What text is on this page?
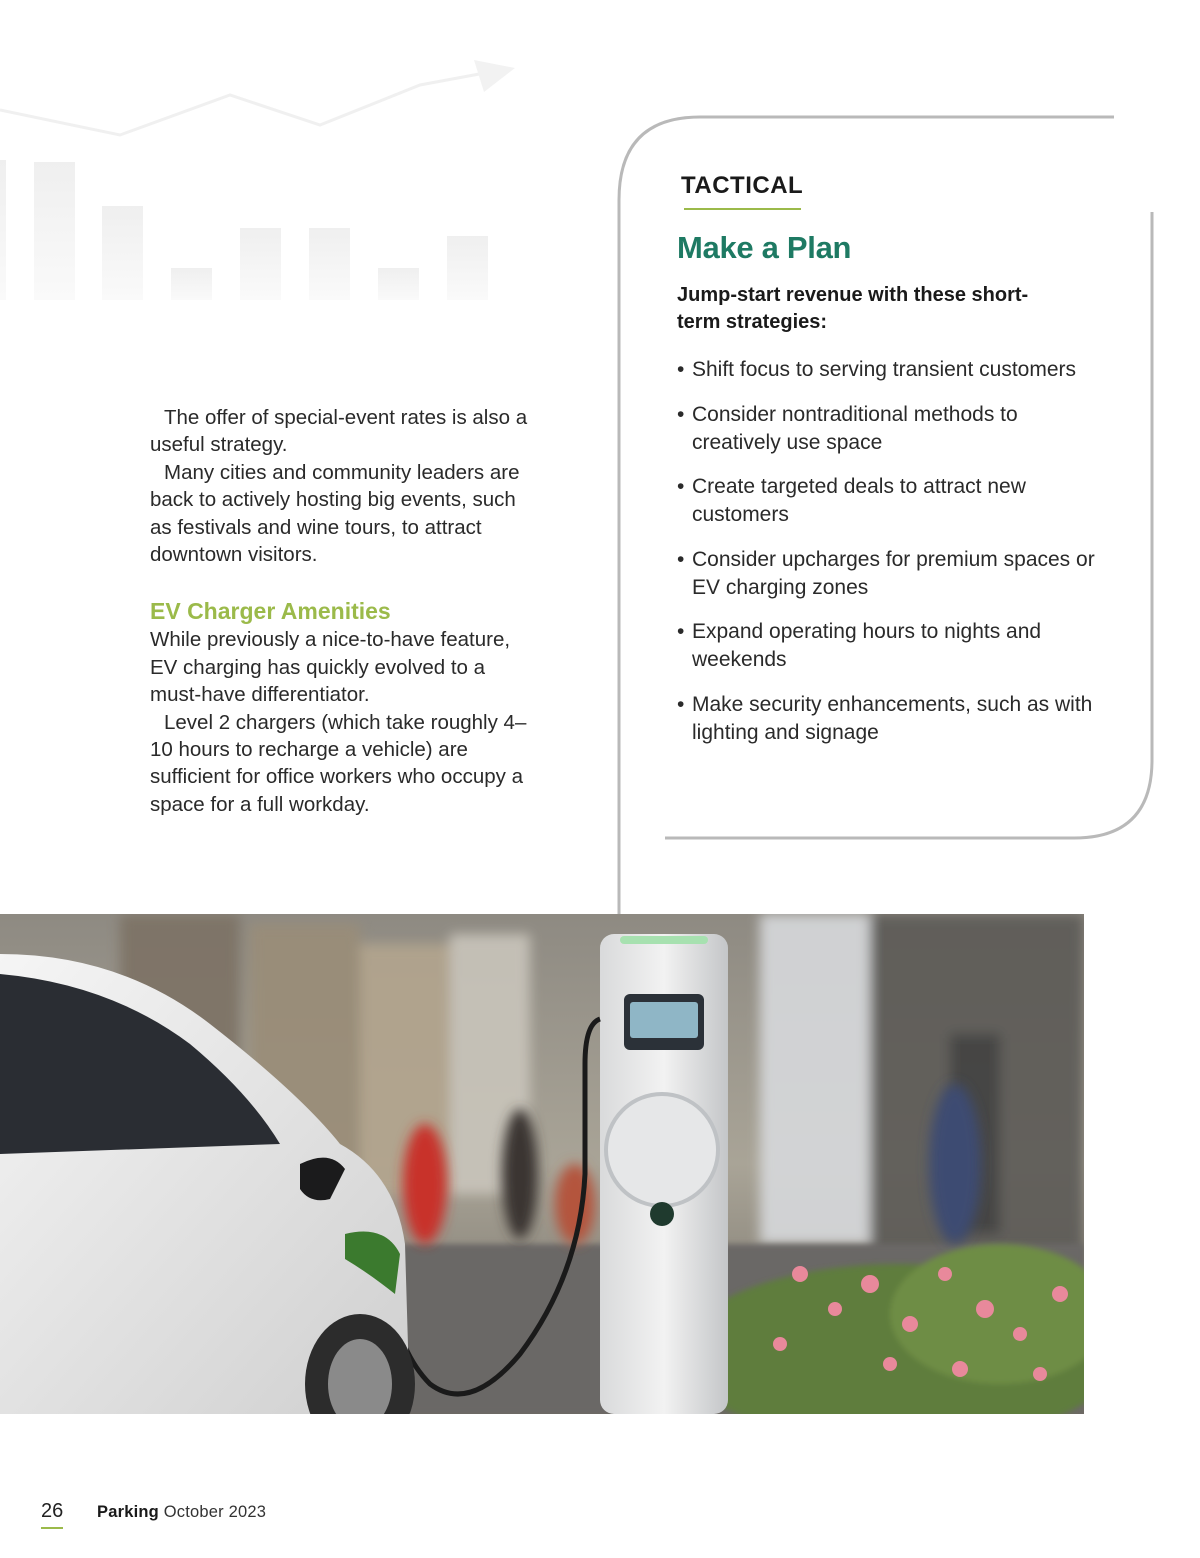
The offer of special-event rates is also a useful strategy.

Many cities and community leaders are back to actively hosting big events, such as festivals and wine tours, to attract downtown visitors.

EV Charger Amenities

While previously a nice-to-have feature, EV charging has quickly evolved to a must-have differentiator.

Level 2 chargers (which take roughly 4–10 hours to recharge a vehicle) are sufficient for office workers who occupy a space for a full workday.

TACTICAL
Make a Plan
Jump-start revenue with these short-term strategies:
• Shift focus to serving transient customers
• Consider nontraditional methods to creatively use space
• Create targeted deals to attract new customers
• Consider upcharges for premium spaces or EV charging zones
• Expand operating hours to nights and weekends
• Make security enhancements, such as with lighting and signage
26 Parking October 2023
